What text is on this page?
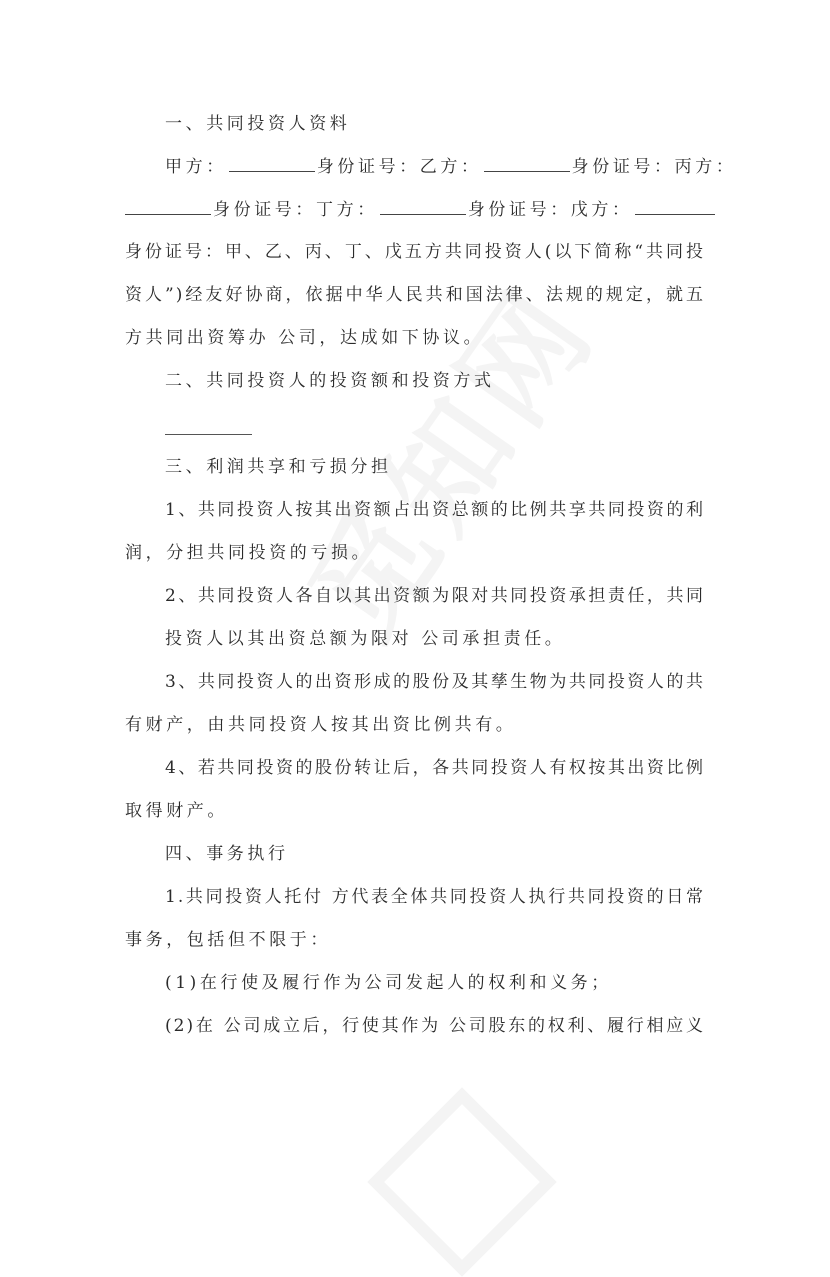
一、共同投资人资料
甲方：	身份证号：乙方：	身份证号：丙方：
身份证号：丁方：	身份证号：戊方：
身份证号：甲、乙、丙、丁、戊五方共同投资人(以下简称“共同投
资人”)经友好协商，依据中华人民共和国法律、法规的规定，就五
方共同出资筹办 公司，达成如下协议。
二、共同投资人的投资额和投资方式
三、利润共享和亏损分担
1、共同投资人按其出资额占出资总额的比例共享共同投资的利
润，分担共同投资的亏损。
2、共同投资人各自以其出资额为限对共同投资承担责任，共同
投资人以其出资总额为限对 公司承担责任。
3、共同投资人的出资形成的股份及其孳生物为共同投资人的共
有财产，由共同投资人按其出资比例共有。
4、若共同投资的股份转让后，各共同投资人有权按其出资比例
取得财产。
四、事务执行
1.共同投资人托付 方代表全体共同投资人执行共同投资的日常
事务，包括但不限于：
(1)在行使及履行作为公司发起人的权利和义务；
(2)在 公司成立后，行使其作为 公司股东的权利、履行相应义
